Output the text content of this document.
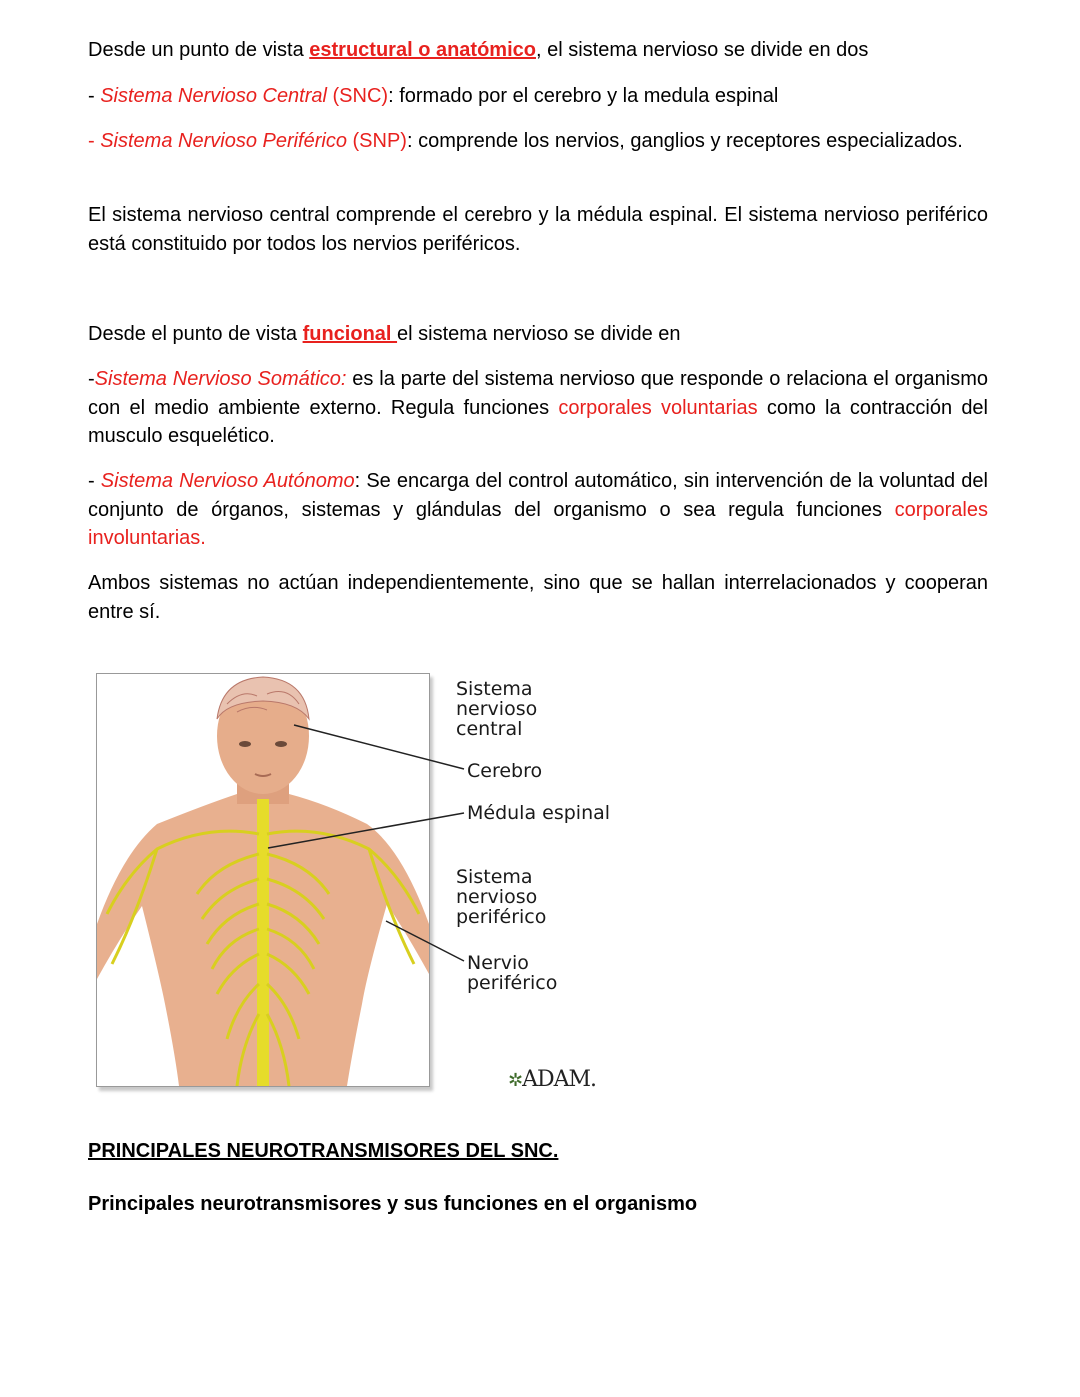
Desde un punto de vista estructural o anatómico, el sistema nervioso se divide en dos

- Sistema Nervioso Central (SNC): formado por el cerebro y la medula espinal

- Sistema Nervioso Periférico (SNP): comprende los nervios, ganglios y receptores especializados.

El sistema nervioso central comprende el cerebro y la médula espinal. El sistema nervioso periférico está constituido por todos los nervios periféricos.

Desde el punto de vista funcional el sistema nervioso se divide en

-Sistema Nervioso Somático: es la parte del sistema nervioso que responde o relaciona el organismo con el medio ambiente externo. Regula funciones corporales voluntarias como la contracción del musculo esquelético.

- Sistema Nervioso Autónomo: Se encarga del control automático, sin intervención de la voluntad del conjunto de órganos, sistemas y glándulas del organismo o sea regula funciones corporales involuntarias.

Ambos sistemas no actúan independientemente, sino que se hallan interrelacionados y cooperan entre sí.

Sistema
nervioso
central
Cerebro
Médula espinal
Sistema
nervioso
periférico
Nervio
periférico
✲ADAM.
PRINCIPALES NEUROTRANSMISORES DEL SNC.
Principales neurotransmisores y sus funciones en el organismo
